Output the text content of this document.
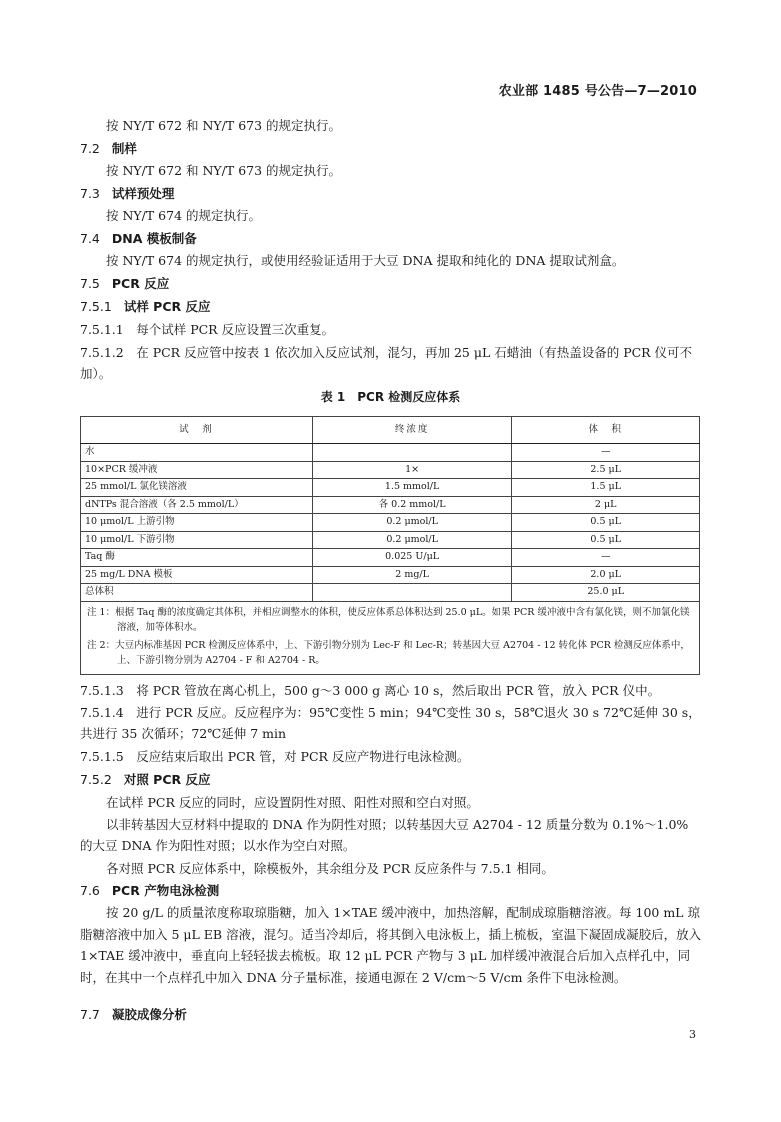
农业部 1485 号公告—7—2010
按 NY/T 672 和 NY/T 673 的规定执行。
7.2 制样
按 NY/T 672 和 NY/T 673 的规定执行。
7.3 试样预处理
按 NY/T 674 的规定执行。
7.4 DNA 模板制备
按 NY/T 674 的规定执行，或使用经验证适用于大豆 DNA 提取和纯化的 DNA 提取试剂盒。
7.5 PCR 反应
7.5.1 试样 PCR 反应
7.5.1.1　每个试样 PCR 反应设置三次重复。
7.5.1.2　在 PCR 反应管中按表 1 依次加入反应试剂，混匀，再加 25 μL 石蜡油（有热盖设备的 PCR 仪可不加）。
表 1　PCR 检测反应体系
试　剂	终浓度	体　积
水		—
10×PCR 缓冲液	1×	2.5 μL
25 mmol/L 氯化镁溶液	1.5 mmol/L	1.5 μL
dNTPs 混合溶液（各 2.5 mmol/L）	各 0.2 mmol/L	2 μL
10 μmol/L 上游引物	0.2 μmol/L	0.5 μL
10 μmol/L 下游引物	0.2 μmol/L	0.5 μL
Taq 酶	0.025 U/μL	—
25 mg/L DNA 模板	2 mg/L	2.0 μL
总体积		25.0 μL

注 1：根据 Taq 酶的浓度确定其体积，并相应调整水的体积，使反应体系总体积达到 25.0 μL。如果 PCR 缓冲液中含有氯化镁，则不加氯化镁溶液，加等体积水。

注 2：大豆内标准基因 PCR 检测反应体系中，上、下游引物分别为 Lec-F 和 Lec-R；转基因大豆 A2704 - 12 转化体 PCR 检测反应体系中，上、下游引物分别为 A2704 - F 和 A2704 - R。		

7.5.1.3　将 PCR 管放在离心机上，500 g～3 000 g 离心 10 s，然后取出 PCR 管，放入 PCR 仪中。
7.5.1.4　进行 PCR 反应。反应程序为：95℃变性 5 min；94℃变性 30 s，58℃退火 30 s 72℃延伸 30 s，共进行 35 次循环；72℃延伸 7 min
7.5.1.5　反应结束后取出 PCR 管，对 PCR 反应产物进行电泳检测。
7.5.2 对照 PCR 反应
在试样 PCR 反应的同时，应设置阴性对照、阳性对照和空白对照。
以非转基因大豆材料中提取的 DNA 作为阴性对照；以转基因大豆 A2704 - 12 质量分数为 0.1%～1.0% 的大豆 DNA 作为阳性对照；以水作为空白对照。
各对照 PCR 反应体系中，除模板外，其余组分及 PCR 反应条件与 7.5.1 相同。
7.6 PCR 产物电泳检测
按 20 g/L 的质量浓度称取琼脂糖，加入 1×TAE 缓冲液中，加热溶解，配制成琼脂糖溶液。每 100 mL 琼脂糖溶液中加入 5 μL EB 溶液，混匀。适当冷却后，将其倒入电泳板上，插上梳板，室温下凝固成凝胶后，放入 1×TAE 缓冲液中，垂直向上轻轻拔去梳板。取 12 μL PCR 产物与 3 μL 加样缓冲液混合后加入点样孔中，同时，在其中一个点样孔中加入 DNA 分子量标准，接通电源在 2 V/cm～5 V/cm 条件下电泳检测。
7.7 凝胶成像分析
3
